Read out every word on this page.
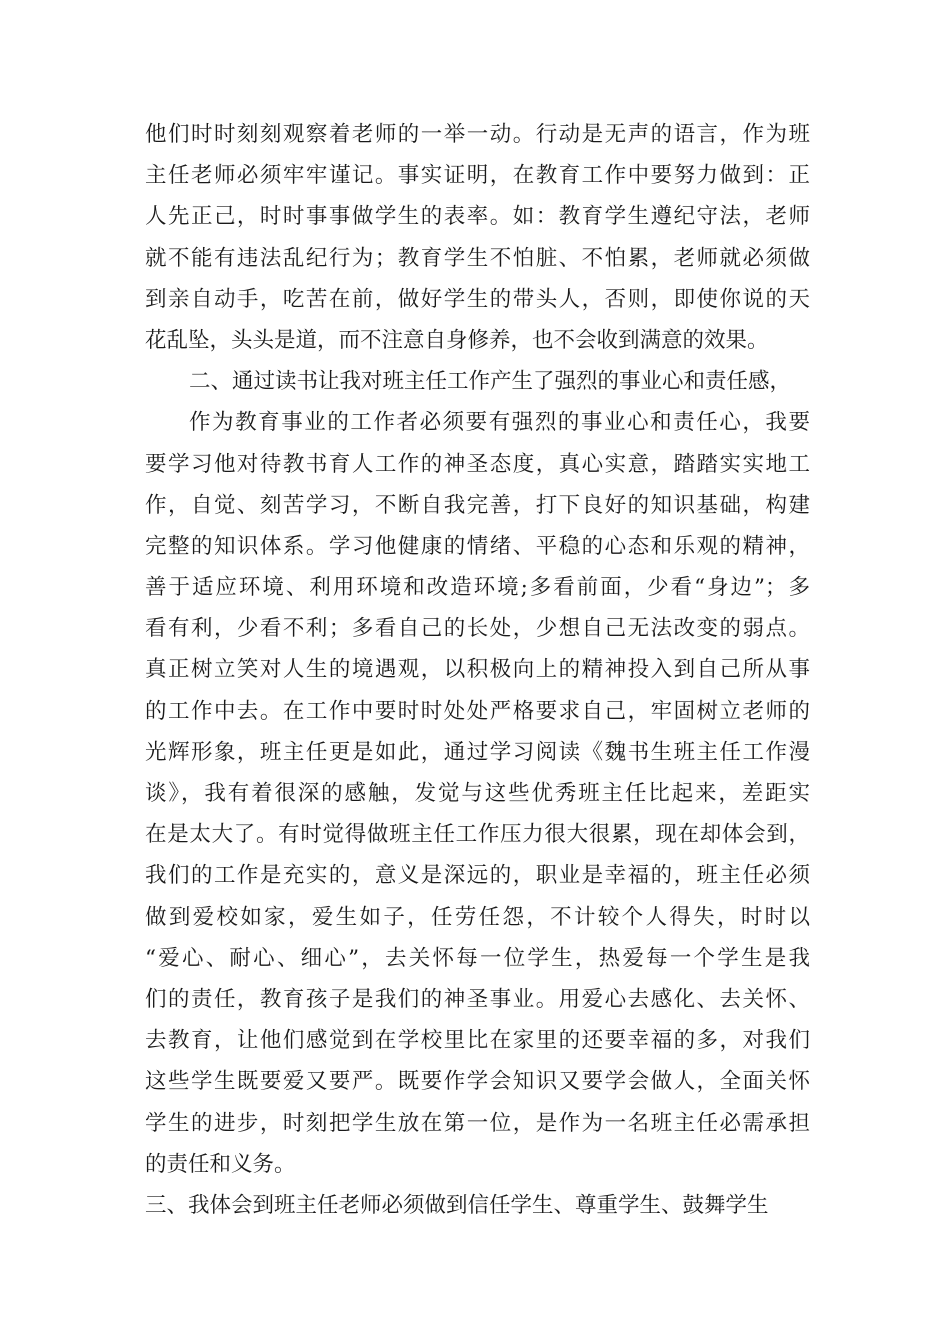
他们时时刻刻观察着老师的一举一动。行动是无声的语言，作为班
主任老师必须牢牢谨记。事实证明，在教育工作中要努力做到：正
人先正己，时时事事做学生的表率。如：教育学生遵纪守法，老师
就不能有违法乱纪行为；教育学生不怕脏、不怕累，老师就必须做
到亲自动手，吃苦在前，做好学生的带头人，否则，即使你说的天
花乱坠，头头是道，而不注意自身修养，也不会收到满意的效果。
二、通过读书让我对班主任工作产生了强烈的事业心和责任感，
作为教育事业的工作者必须要有强烈的事业心和责任心，我要
要学习他对待教书育人工作的神圣态度，真心实意，踏踏实实地工
作，自觉、刻苦学习，不断自我完善，打下良好的知识基础，构建
完整的知识体系。学习他健康的情绪、平稳的心态和乐观的精神，
善于适应环境、利用环境和改造环境;多看前面，少看“身边”；多
看有利，少看不利；多看自己的长处，少想自己无法改变的弱点。
真正树立笑对人生的境遇观，以积极向上的精神投入到自己所从事
的工作中去。在工作中要时时处处严格要求自己，牢固树立老师的
光辉形象，班主任更是如此，通过学习阅读《魏书生班主任工作漫
谈》，我有着很深的感触，发觉与这些优秀班主任比起来，差距实
在是太大了。有时觉得做班主任工作压力很大很累，现在却体会到，
我们的工作是充实的，意义是深远的，职业是幸福的，班主任必须
做到爱校如家，爱生如子，任劳任怨，不计较个人得失，时时以
“爱心、耐心、细心”，去关怀每一位学生，热爱每一个学生是我
们的责任，教育孩子是我们的神圣事业。用爱心去感化、去关怀、
去教育，让他们感觉到在学校里比在家里的还要幸福的多，对我们
这些学生既要爱又要严。既要作学会知识又要学会做人，全面关怀
学生的进步，时刻把学生放在第一位，是作为一名班主任必需承担
的责任和义务。
三、我体会到班主任老师必须做到信任学生、尊重学生、鼓舞学生
